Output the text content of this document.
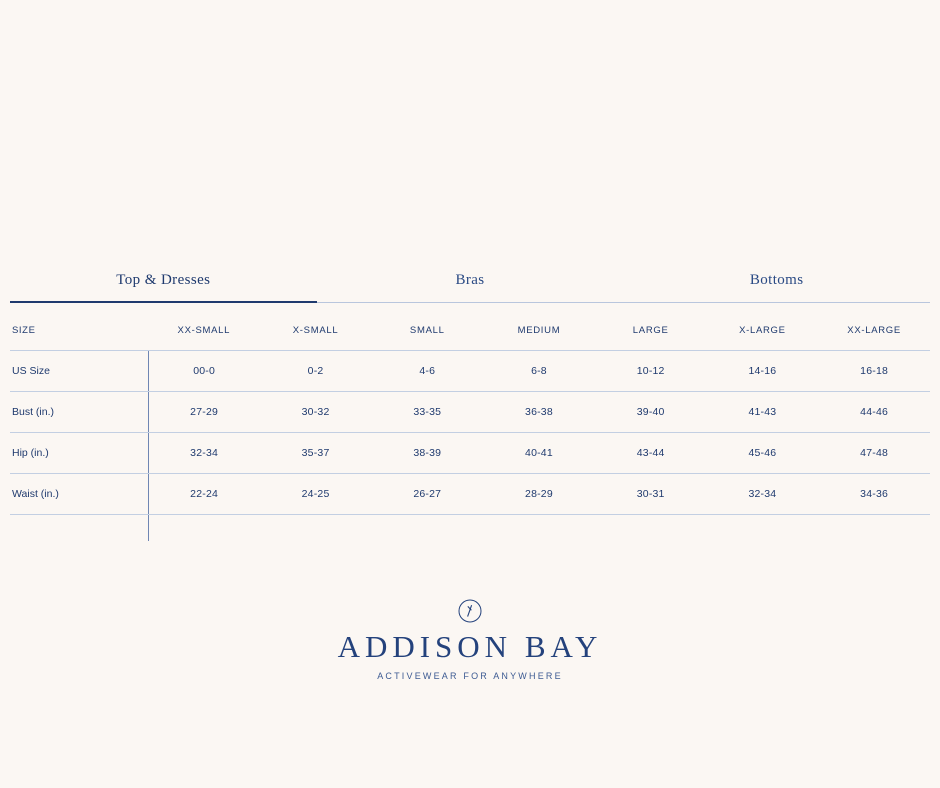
Top & Dresses	Bras	Bottoms
SIZE	XX-SMALL	X-SMALL	SMALL	MEDIUM	LARGE	X-LARGE	XX-LARGE
US Size	00-0	0-2	4-6	6-8	10-12	14-16	16-18
Bust (in.)	27-29	30-32	33-35	36-38	39-40	41-43	44-46
Hip (in.)	32-34	35-37	38-39	40-41	43-44	45-46	47-48
Waist (in.)	22-24	24-25	26-27	28-29	30-31	32-34	34-36

ADDISON BAY
ACTIVEWEAR FOR ANYWHERE
